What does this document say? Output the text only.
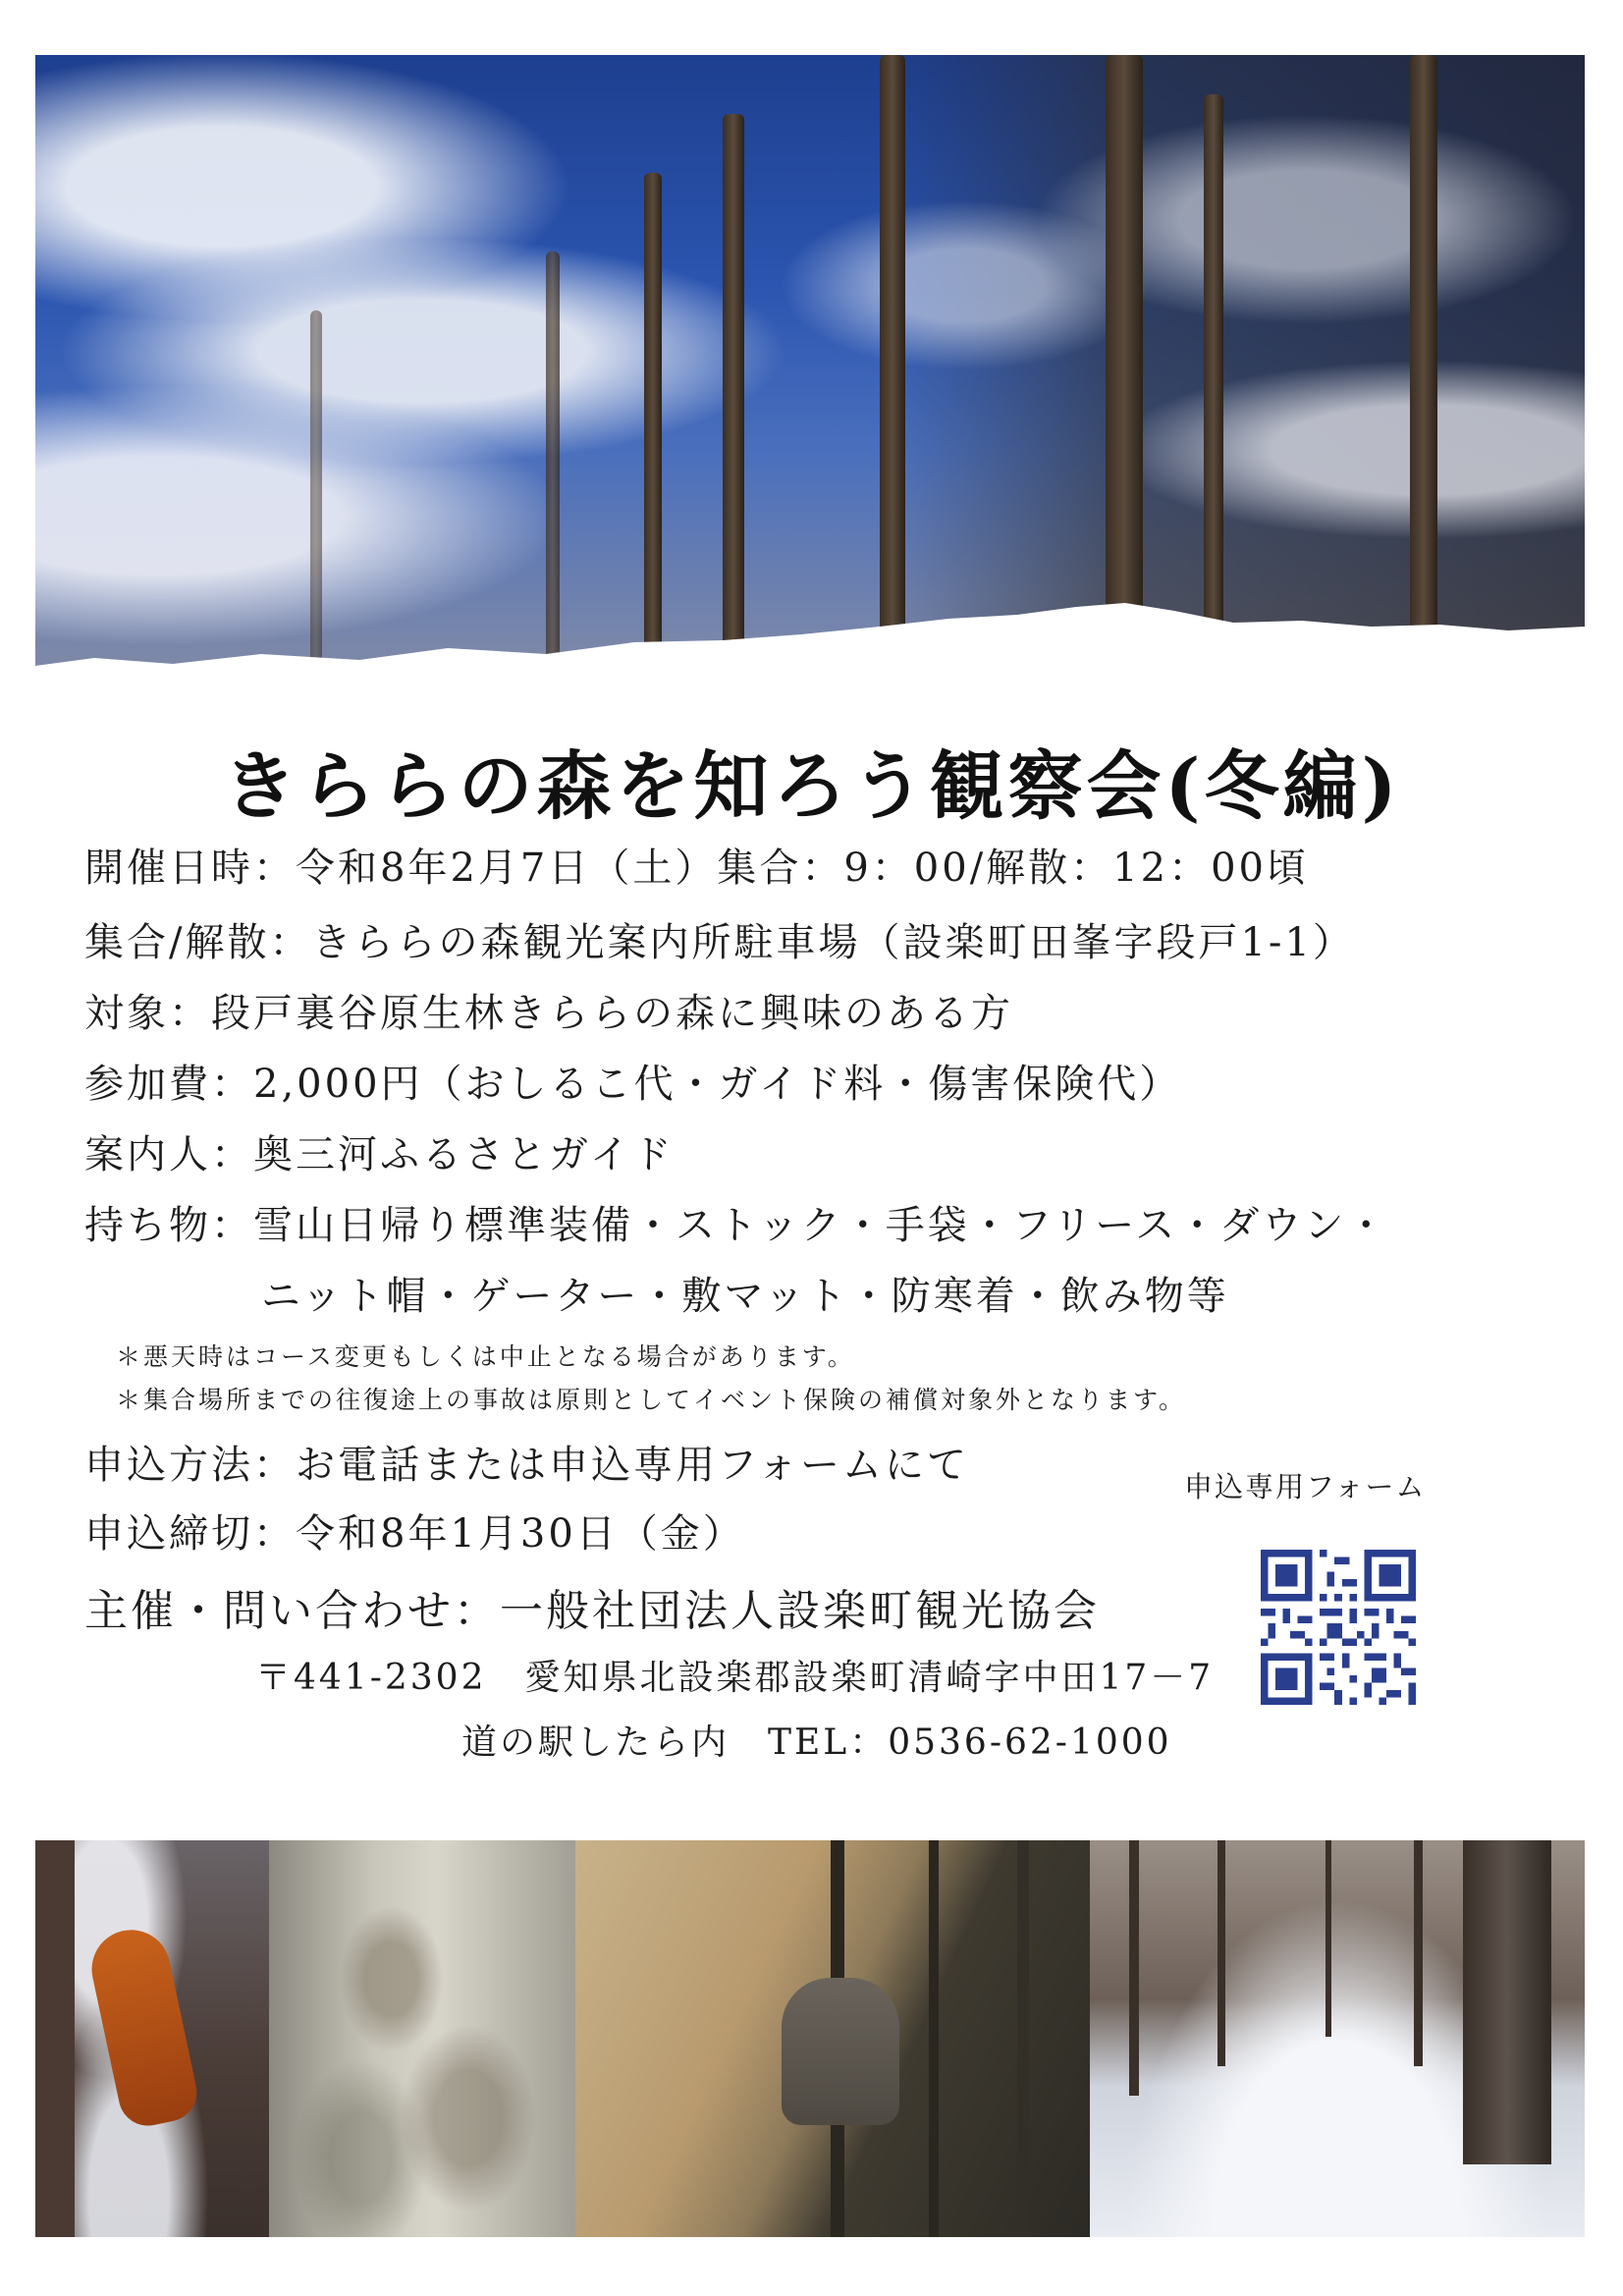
きららの森を知ろう観察会(冬編)
開催日時：令和8年2月7日（土）集合：9：00/解散：12：00頃
集合/解散：きららの森観光案内所駐車場（設楽町田峯字段戸1-1）
対象：段戸裏谷原生林きららの森に興味のある方
参加費：2,000円（おしるこ代・ガイド料・傷害保険代）
案内人：奥三河ふるさとガイド
持ち物：雪山日帰り標準装備・ストック・手袋・フリース・ダウン・
ニット帽・ゲーター・敷マット・防寒着・飲み物等
＊悪天時はコース変更もしくは中止となる場合があります。
＊集合場所までの往復途上の事故は原則としてイベント保険の補償対象外となります。
申込方法：お電話または申込専用フォームにて
申込締切：令和8年1月30日（金）
主催・問い合わせ：一般社団法人設楽町観光協会
〒441-2302　愛知県北設楽郡設楽町清崎字中田17－7
道の駅したら内　TEL：0536-62-1000
申込専用フォーム
